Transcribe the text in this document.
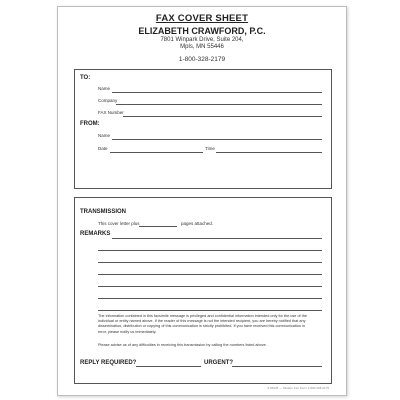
FAX COVER SHEET
ELIZABETH CRAWFORD, P.C.
7801 Winpark Drive, Suite 204,
Mpls, MN 55446
1-800-328-2179
TO:
Name
Company
FAX Number
FROM:
Name
Date	Time
TRANSMISSION
This cover letter plus	pages attached.
REMARKS
The information contained in this facsimile message is privileged and confidential information intended only for the use of the individual or entity named above. If the reader of this message is not the intended recipient, you are hereby notified that any dissemination, distribution or copying of this communication is strictly prohibited. If you have received this communication in error, please notify us immediately.
Please advise us of any difficulties in receiving this transmission by calling the numbers listed above.
REPLY REQUIRED?	URGENT?
# 05345 — Modern Fax Form 1-800-328-2179
